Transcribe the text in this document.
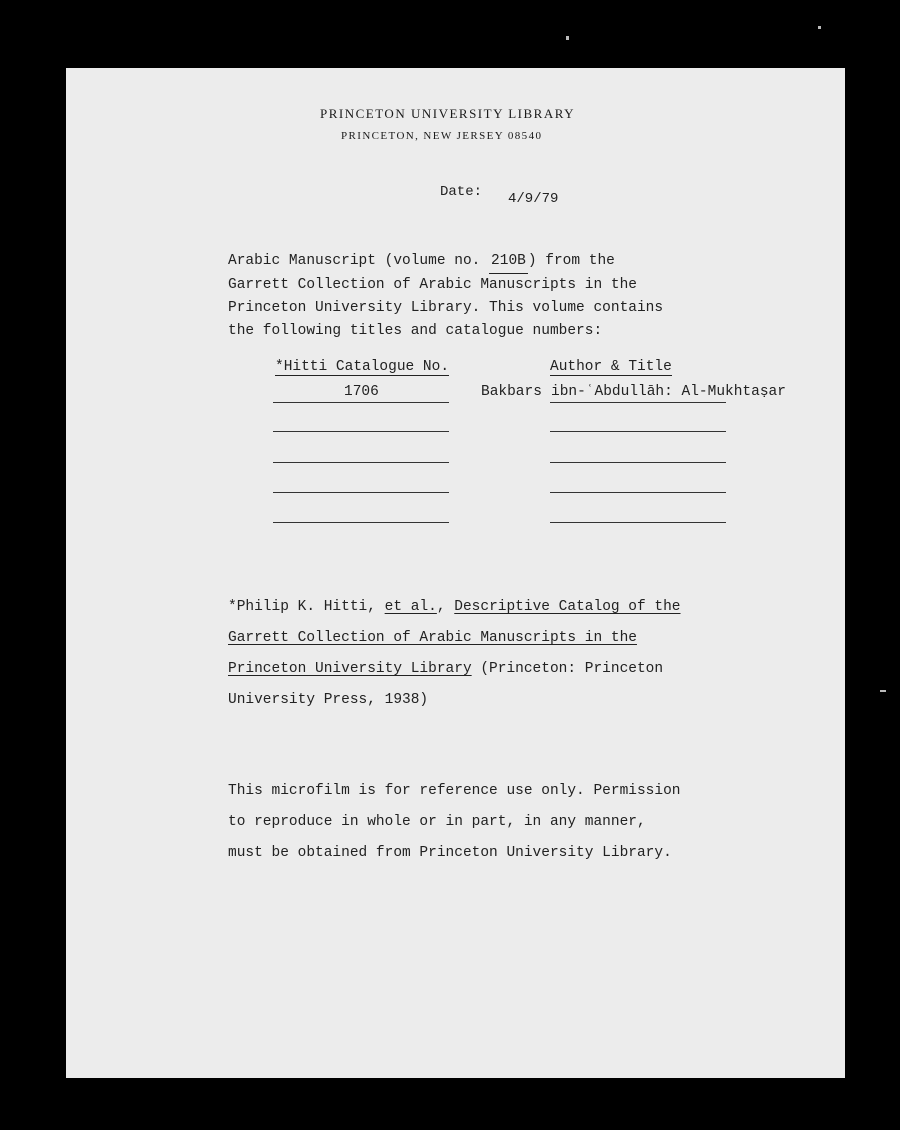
PRINCETON UNIVERSITY LIBRARY
PRINCETON, NEW JERSEY 08540
Date: 4/9/79
Arabic Manuscript (volume no. 210B ) from the
Garrett Collection of Arabic Manuscripts in the
Princeton University Library. This volume contains
the following titles and catalogue numbers:
*Hitti Catalogue No.	Author & Title
1706	Bakbars ibn-ʿAbdullāh: Al-Mukhtaṣar
*Philip K. Hitti, et al., Descriptive Catalog of the
Garrett Collection of Arabic Manuscripts in the
Princeton University Library (Princeton: Princeton
University Press, 1938)
This microfilm is for reference use only. Permission
to reproduce in whole or in part, in any manner,
must be obtained from Princeton University Library.
